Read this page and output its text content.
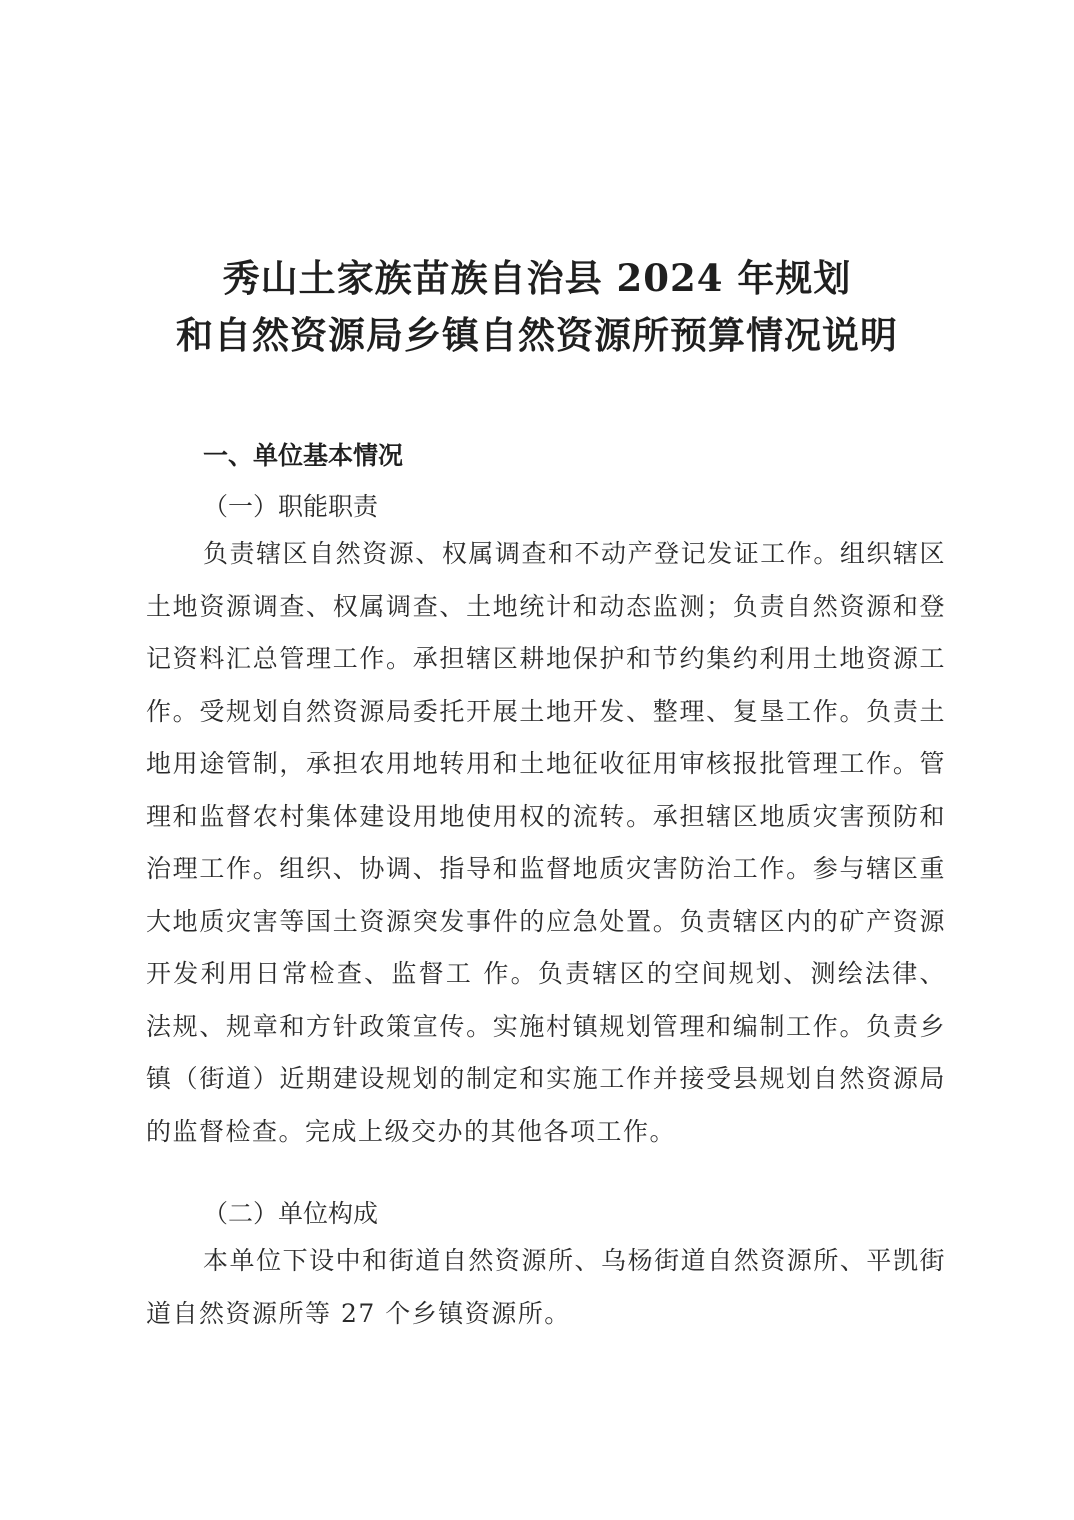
秀山土家族苗族自治县 2024 年规划
和自然资源局乡镇自然资源所预算情况说明
一、单位基本情况
（一）职能职责

负责辖区自然资源、权属调查和不动产登记发证工作。组织辖区土地资源调查、权属调查、土地统计和动态监测；负责自然资源和登记资料汇总管理工作。承担辖区耕地保护和节约集约利用土地资源工作。受规划自然资源局委托开展土地开发、整理、复垦工作。负责土地用途管制，承担农用地转用和土地征收征用审核报批管理工作。管理和监督农村集体建设用地使用权的流转。承担辖区地质灾害预防和治理工作。组织、协调、指导和监督地质灾害防治工作。参与辖区重大地质灾害等国土资源突发事件的应急处置。负责辖区内的矿产资源开发利用日常检查、监督工 作。负责辖区的空间规划、测绘法律、法规、规章和方针政策宣传。实施村镇规划管理和编制工作。负责乡镇（街道）近期建设规划的制定和实施工作并接受县规划自然资源局的监督检查。完成上级交办的其他各项工作。

（二）单位构成

本单位下设中和街道自然资源所、乌杨街道自然资源所、平凯街道自然资源所等 27 个乡镇资源所。
